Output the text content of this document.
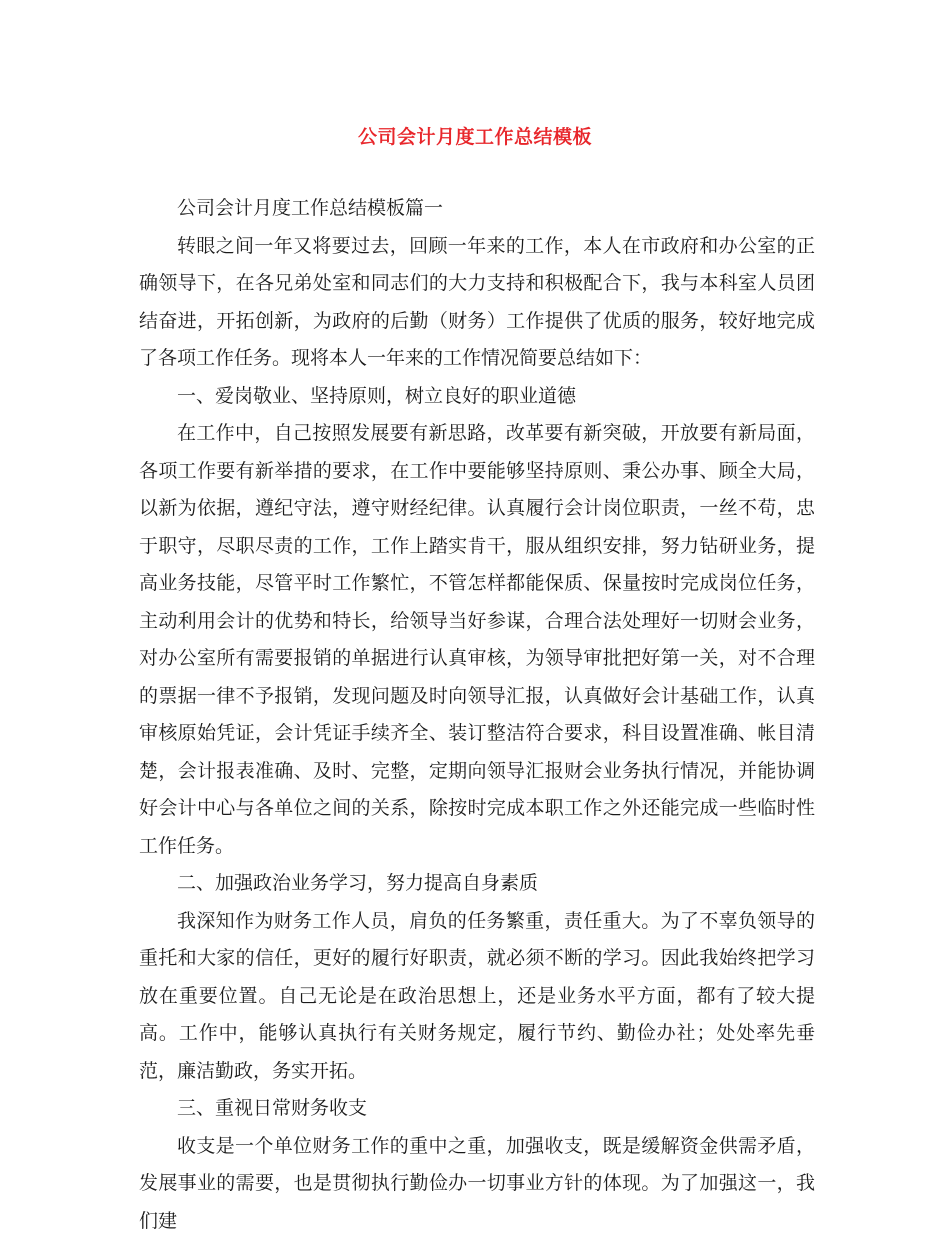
公司会计月度工作总结模板

公司会计月度工作总结模板篇一

转眼之间一年又将要过去，回顾一年来的工作，本人在市政府和办公室的正确领导下，在各兄弟处室和同志们的大力支持和积极配合下，我与本科室人员团结奋进，开拓创新，为政府的后勤（财务）工作提供了优质的服务，较好地完成了各项工作任务。现将本人一年来的工作情况简要总结如下：

一、爱岗敬业、坚持原则，树立良好的职业道德

在工作中，自己按照发展要有新思路，改革要有新突破，开放要有新局面，各项工作要有新举措的要求，在工作中要能够坚持原则、秉公办事、顾全大局，以新为依据，遵纪守法，遵守财经纪律。认真履行会计岗位职责，一丝不苟，忠于职守，尽职尽责的工作，工作上踏实肯干，服从组织安排，努力钻研业务，提高业务技能，尽管平时工作繁忙，不管怎样都能保质、保量按时完成岗位任务，主动利用会计的优势和特长，给领导当好参谋，合理合法处理好一切财会业务，对办公室所有需要报销的单据进行认真审核，为领导审批把好第一关，对不合理的票据一律不予报销，发现问题及时向领导汇报，认真做好会计基础工作，认真审核原始凭证，会计凭证手续齐全、装订整洁符合要求，科目设置准确、帐目清楚，会计报表准确、及时、完整，定期向领导汇报财会业务执行情况，并能协调好会计中心与各单位之间的关系，除按时完成本职工作之外还能完成一些临时性工作任务。

二、加强政治业务学习，努力提高自身素质

我深知作为财务工作人员，肩负的任务繁重，责任重大。为了不辜负领导的重托和大家的信任，更好的履行好职责，就必须不断的学习。因此我始终把学习放在重要位置。自己无论是在政治思想上，还是业务水平方面，都有了较大提高。工作中，能够认真执行有关财务规定，履行节约、勤俭办社；处处率先垂范，廉洁勤政，务实开拓。

三、重视日常财务收支

收支是一个单位财务工作的重中之重，加强收支，既是缓解资金供需矛盾，发展事业的需要，也是贯彻执行勤俭办一切事业方针的体现。为了加强这一，我们建
